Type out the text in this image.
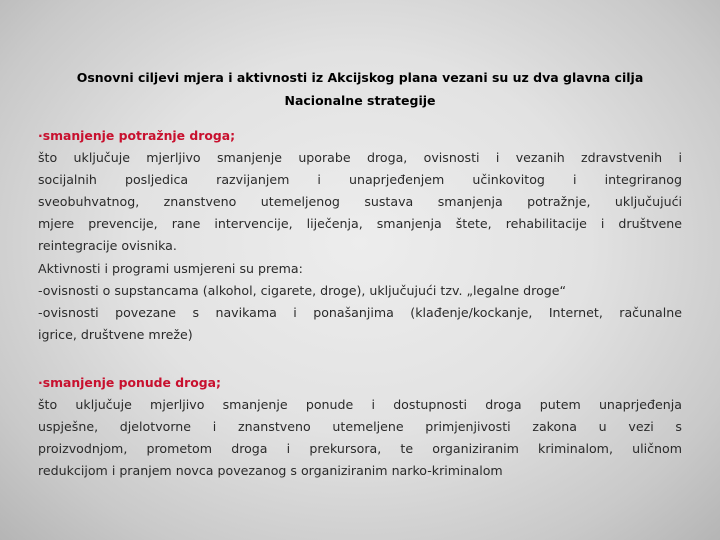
Osnovni ciljevi mjera i aktivnosti iz Akcijskog plana vezani su uz dva glavna cilja
Nacionalne strategije
·smanjenje potražnje droga;
što uključuje mjerljivo smanjenje uporabe droga, ovisnosti i vezanih zdravstvenih i
socijalnih posljedica razvijanjem i unaprjeđenjem učinkovitog i integriranog
sveobuhvatnog, znanstveno utemeljenog sustava smanjenja potražnje, uključujući
mjere prevencije, rane intervencije, liječenja, smanjenja štete, rehabilitacije i društvene
reintegracije ovisnika.
Aktivnosti i programi usmjereni su prema:
-ovisnosti o supstancama (alkohol, cigarete, droge), uključujući tzv. „legalne droge“
-ovisnosti povezane s navikama i ponašanjima (klađenje/kockanje, Internet, računalne
igrice, društvene mreže)
·smanjenje ponude droga;
što uključuje mjerljivo smanjenje ponude i dostupnosti droga putem unaprjeđenja
uspješne, djelotvorne i znanstveno utemeljene primjenjivosti zakona u vezi s
proizvodnjom, prometom droga i prekursora, te organiziranim kriminalom, uličnom
redukcijom i pranjem novca povezanog s organiziranim narko-kriminalom
